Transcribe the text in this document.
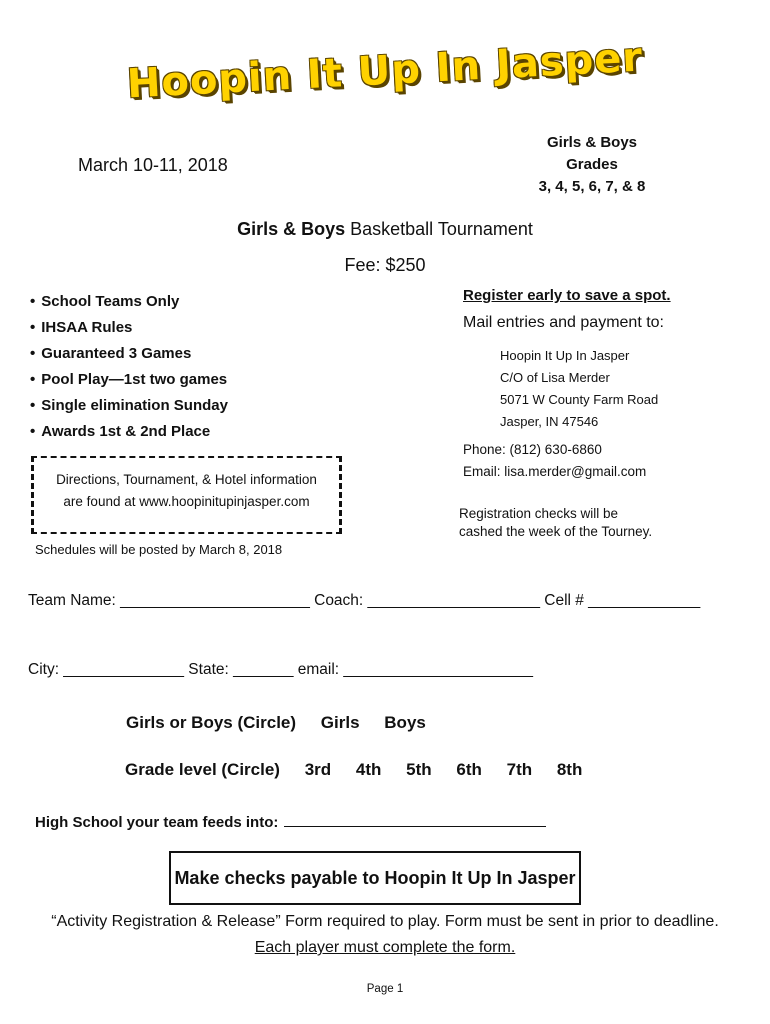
Hoopin It Up In Jasper
March 10-11, 2018
Girls & Boys
Grades
3, 4, 5, 6, 7, & 8
Girls & Boys Basketball Tournament
Fee: $250
• School Teams Only
• IHSAA Rules
• Guaranteed 3 Games
• Pool Play—1st two games
• Single elimination Sunday
• Awards 1st & 2nd Place
Register early to save a spot.
Mail entries and payment to:
Hoopin It Up In Jasper
C/O of Lisa Merder
5071 W County Farm Road
Jasper, IN 47546
Phone: (812) 630-6860
Email: lisa.merder@gmail.com
Directions, Tournament, & Hotel information
are found at www.hoopinitupinjasper.com
Registration checks will be
cashed the week of the Tourney.
Schedules will be posted by March 8, 2018
Team Name: ______________________ Coach: ____________________ Cell # _____________
City: ______________ State: _______ email: ______________________
Girls or Boys (Circle) Girls Boys
Grade level (Circle) 3rd 4th 5th 6th 7th 8th
High School your team feeds into:
Make checks payable to Hoopin It Up In Jasper
“Activity Registration & Release” Form required to play. Form must be sent in prior to deadline.
Each player must complete the form.
Page 1
